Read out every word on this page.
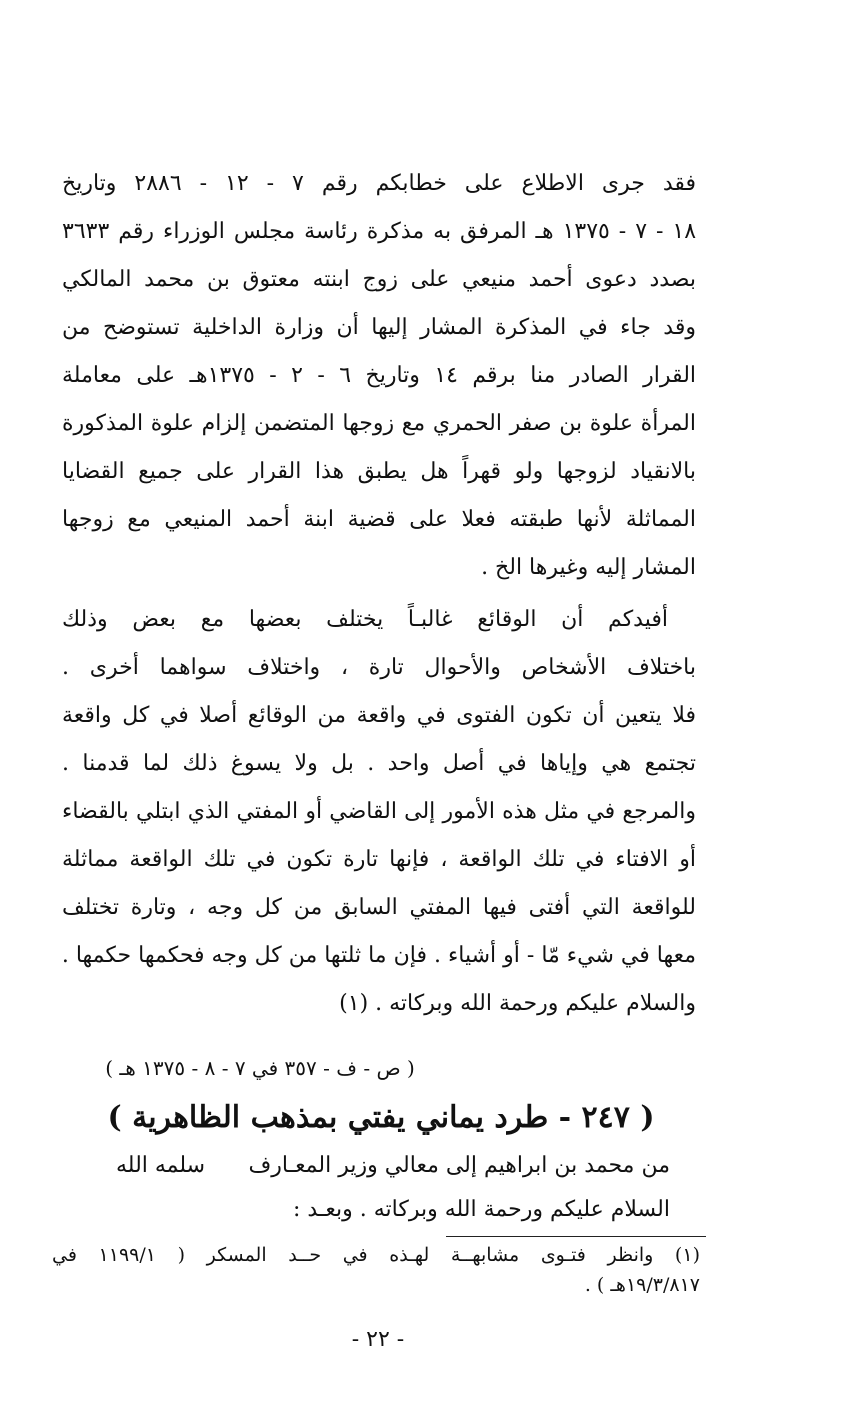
فقد جرى الاطلاع على خطابكم رقم ٧ - ١٢ - ٢٨٨٦ وتاريخ
١٨ - ٧ - ١٣٧٥ هـ المرفق به مذكرة رئاسة مجلس الوزراء رقم ٣٦٣٣
بصدد دعوى أحمد منيعي على زوج ابنته معتوق بن محمد المالكي
وقد جاء في المذكرة المشار إليها أن وزارة الداخلية تستوضح من
القرار الصادر منا برقم ١٤ وتاريخ ٦ - ٢ - ١٣٧٥هـ على معاملة
المرأة علوة بن صفر الحمري مع زوجها المتضمن إلزام علوة المذكورة
بالانقياد لزوجها ولو قهراً هل يطبق هذا القرار على جميع القضايا
المماثلة لأنها طبقته فعلا على قضية ابنة أحمد المنيعي مع زوجها
المشار إليه وغيرها الخ .
أفيدكم أن الوقائع غالبـاً يختلف بعضها مع بعض وذلك
باختلاف الأشخاص والأحوال تارة ، واختلاف سواهما أخرى .
فلا يتعين أن تكون الفتوى في واقعة من الوقائع أصلا في كل واقعة
تجتمع هي وإياها في أصل واحد . بل ولا يسوغ ذلك لما قدمنا .
والمرجع في مثل هذه الأمور إلى القاضي أو المفتي الذي ابتلي بالقضاء
أو الافتاء في تلك الواقعة ، فإنها تارة تكون في تلك الواقعة مماثلة
للواقعة التي أفتى فيها المفتي السابق من كل وجه ، وتارة تختلف
معها في شيء مّا - أو أشياء . فإن ما ثلتها من كل وجه فحكمها حكمها .
والسلام عليكم ورحمة الله وبركاته . (١)
( ص - ف - ٣٥٧ في ٧ - ٨ - ١٣٧٥ هـ )
( ٢٤٧ - طرد يماني يفتي بمذهب الظاهرية )
من محمد بن ابراهيم إلى معالي وزير المعـارف
سلمه الله
السلام عليكم ورحمة الله وبركاته . وبعـد :
(١) وانظر فتـوى مشابهــة لهـذه في حــد المسكر ( ١١٩٩/١ في
١٩/٣/٨١٧هـ ) .
- ٢٢ -
